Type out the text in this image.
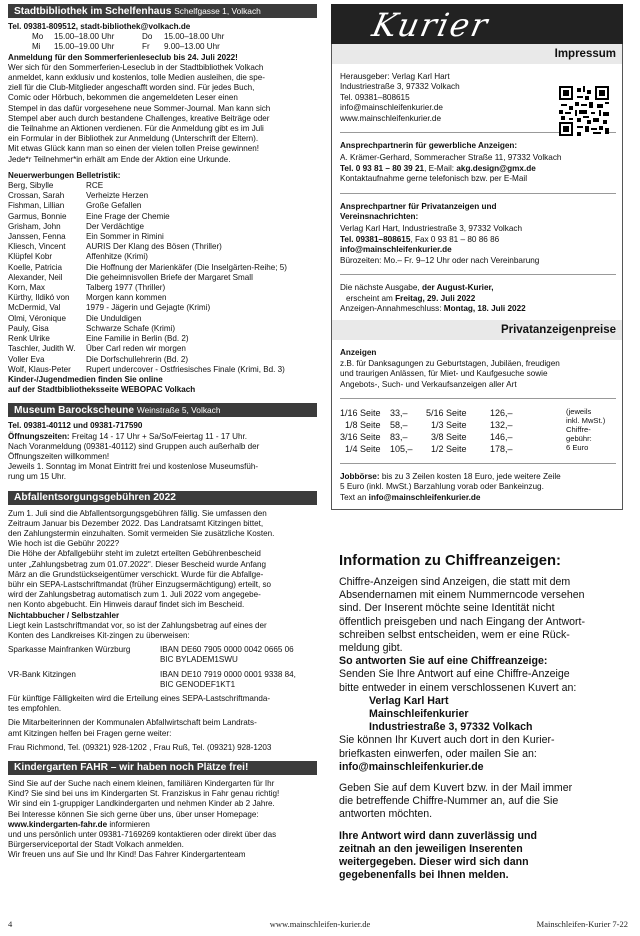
Stadtbibliothek im Schelfenhaus Schelfgasse 1, Volkach
Tel. 09381-809512, stadt-bibliothek@volkach.de
Mo	15.00–18.00 Uhr	Do	15.00–18.00 Uhr
Mi	15.00–19.00 Uhr	Fr	9.00–13.00 Uhr
Anmeldung für den Sommerferienleseclub bis 24. Juli 2022!
Wer sich für den Sommerferien-Leseclub in der Stadtbibliothek Volkach
anmeldet, kann exklusiv und kostenlos, tolle Medien ausleihen, die spe-
ziell für die Club-Mitglieder angeschafft worden sind. Für jedes Buch,
Comic oder Hörbuch, bekommen die angemeldeten Leser einen
Stempel in das dafür vorgesehene neue Sommer-Journal. Man kann sich
Stempel aber auch durch bestandene Challenges, kreative Beiträge oder
die Teilnahme an Aktionen verdienen. Für die Anmeldung gibt es im Juli
ein Formular in der Bibliothek zur Anmeldung (Unterschrift der Eltern).
Mit etwas Glück kann man so einen der vielen tollen Preise gewinnen!
Jede*r Teilnehmer*in erhält am Ende der Aktion eine Urkunde.
Neuerwerbungen Belletristik:
Berg, Sibylle	RCE
Crossan, Sarah	Verheizte Herzen
Fishman, Lillian	Große Gefallen
Garmus, Bonnie	Eine Frage der Chemie
Grisham, John	Der Verdächtige
Janssen, Fenna	Ein Sommer in Rimini
Kliesch, Vincent	AURIS Der Klang des Bösen (Thriller)
Klüpfel Kobr	Affenhitze (Krimi)
Koelle, Patricia	Die Hoffnung der Marienkäfer (Die Inselgärten-Reihe; 5)
Alexander, Neil	Die geheimnisvollen Briefe der Margaret Small
Korn, Max	Talberg 1977 (Thriller)
Kürthy, Ildikó von	Morgen kann kommen
McDermid, Val	1979 - Jägerin und Gejagte (Krimi)
Olmi, Véronique	Die Unduldigen
Pauly, Gisa	Schwarze Schafe (Krimi)
Renk Ulrike	Eine Familie in Berlin (Bd. 2)
Taschler, Judith W.	Über Carl reden wir morgen
Voller Eva	Die Dorfschullehrerin (Bd. 2)
Wolf, Klaus-Peter	Rupert undercover - Ostfriesisches Finale (Krimi, Bd. 3)
Kinder-/Jugendmedien finden Sie online
auf der Stadtbibliotheksseite WEBOPAC Volkach
Museum Barockscheune Weinstraße 5, Volkach
Tel. 09381-40112 und 09381-717590
Öffnungszeiten: Freitag 14 - 17 Uhr + Sa/So/Feiertag 11 - 17 Uhr.
Nach Voranmeldung (09381-40112) sind Gruppen auch außerhalb der
Öffnungszeiten willkommen!
Jeweils 1. Sonntag im Monat Eintritt frei und kostenlose Museumsfüh-
rung um 15 Uhr.
Abfallentsorgungsgebühren 2022
Zum 1. Juli sind die Abfallentsorgungsgebühren fällig. Sie umfassen den
Zeitraum Januar bis Dezember 2022. Das Landratsamt Kitzingen bittet,
den Zahlungstermin einzuhalten. Somit vermeiden Sie zusätzliche Kosten.
Wie hoch ist die Gebühr 2022?
Die Höhe der Abfallgebühr steht im zuletzt erteilten Gebührenbescheid
unter „Zahlungsbetrag zum 01.07.2022". Dieser Bescheid wurde Anfang
März an die Grundstückseigentümer verschickt. Wurde für die Abfallge-
bühr ein SEPA-Lastschriftmandat (früher Einzugsermächtigung) erteilt, so
wird der Zahlungsbetrag automatisch zum 1. Juli 2022 vom angegebe-
nen Konto abgebucht. Ein Hinweis darauf findet sich im Bescheid.
Nichtabbucher / Selbstzahler
Liegt kein Lastschriftmandat vor, so ist der Zahlungsbetrag auf eines der
Konten des Landkreises Kit-zingen zu überweisen:
Sparkasse Mainfranken Würzburg	IBAN DE60 7905 0000 0042 0665 06
BIC BYLADEM1SWU
VR-Bank Kitzingen	IBAN DE10 7919 0000 0001 9338 84,
BIC GENODEF1KT1
Für künftige Fälligkeiten wird die Erteilung eines SEPA-Lastschriftmanda-
tes empfohlen.
Die Mitarbeiterinnen der Kommunalen Abfallwirtschaft beim Landrats-
amt Kitzingen helfen bei Fragen gerne weiter:
Frau Richmond, Tel. (09321) 928-1202 , Frau Ruß, Tel. (09321) 928-1203
Kindergarten FAHR – wir haben noch Plätze frei!
Sind Sie auf der Suche nach einem kleinen, familiären Kindergarten für Ihr
Kind? Sie sind bei uns im Kindergarten St. Franziskus in Fahr genau richtig!
Wir sind ein 1-gruppiger Landkindergarten und nehmen Kinder ab 2 Jahre.
Bei Interesse können Sie sich gerne über uns, über unser Homepage:
www.kindergarten-fahr.de informieren
und uns persönlich unter 09381-7169269 kontaktieren oder direkt über das
Bürgerserviceportal der Stadt Volkach anmelden.
Wir freuen uns auf Sie und Ihr Kind! Das Fahrer Kindergartenteam
Kurier
Impressum
Herausgeber: Verlag Karl Hart
Industriestraße 3, 97332 Volkach
Tel. 09381–808615
info@mainschleifenkurier.de
www.mainschleifenkurier.de
Ansprechpartnerin für gewerbliche Anzeigen:
A. Krämer-Gerhard, Sommeracher Straße 11, 97332 Volkach
Tel. 0 93 81 – 80 39 21, E-Mail: akg.design@gmx.de
Kontaktaufnahme gerne telefonisch bzw. per E-Mail
Ansprechpartner für Privatanzeigen und
Vereinsnachrichten:
Verlag Karl Hart, Industriestraße 3, 97332 Volkach
Tel. 09381–808615, Fax 0 93 81 – 80 86 86
info@mainschleifenkurier.de
Bürozeiten: Mo.– Fr. 9–12 Uhr oder nach Vereinbarung
Die nächste Ausgabe, der August-Kurier,
erscheint am Freitag, 29. Juli 2022
Anzeigen-Annahmeschluss: Montag, 18. Juli 2022
Privatanzeigenpreise
Anzeigen
z.B. für Danksagungen zu Geburtstagen, Jubiläen, freudigen
und traurigen Anlässen, für Miet- und Kaufgesuche sowie
Angebots-, Such- und Verkaufsanzeigen aller Art
1/16 Seite	33,–	5/16 Seite	126,–
1/8 Seite	58,–	1/3 Seite	132,–
3/16 Seite	83,–	3/8 Seite	146,–
1/4 Seite	105,–	1/2 Seite	178,–
(jeweils
inkl. MwSt.)
Chiffre-
gebühr:
6 Euro
Jobbörse: bis zu 3 Zeilen kosten 18 Euro, jede weitere Zeile
5 Euro (inkl. MwSt.) Barzahlung vorab oder Bankeinzug.
Text an info@mainschleifenkurier.de
Information zu Chiffreanzeigen:
Chiffre-Anzeigen sind Anzeigen, die statt mit dem
Absendernamen mit einem Nummerncode versehen
sind. Der Inserent möchte seine Identität nicht
öffentlich preisgeben und nach Eingang der Antwort-
schreiben selbst entscheiden, wem er eine Rück-
meldung gibt.
So antworten Sie auf eine Chiffreanzeige:
Senden Sie Ihre Antwort auf eine Chiffre-Anzeige
bitte entweder in einem verschlossenen Kuvert an:
Verlag Karl Hart
Mainschleifenkurier
Industriestraße 3, 97332 Volkach
Sie können Ihr Kuvert auch dort in den Kurier-
briefkasten einwerfen, oder mailen Sie an:
info@mainschleifenkurier.de
Geben Sie auf dem Kuvert bzw. in der Mail immer
die betreffende Chiffre-Nummer an, auf die Sie
antworten möchten.
Ihre Antwort wird dann zuverlässig und
zeitnah an den jeweiligen Inserenten
weitergegeben. Dieser wird sich dann
gegebenenfalls bei Ihnen melden.
www.mainschleifen-kurier.de
4	Mainschleifen-Kurier 7-22
